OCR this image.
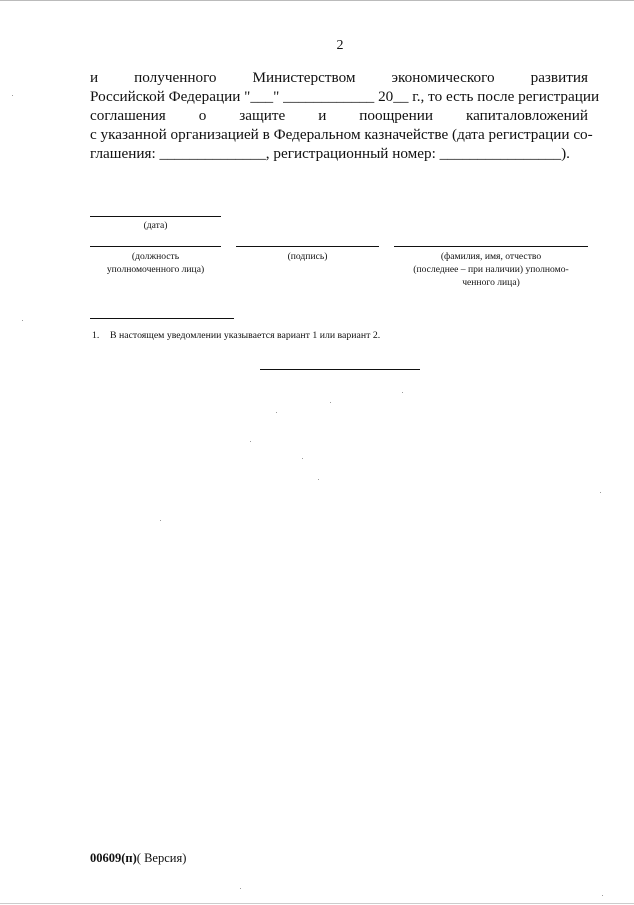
2
и полученного Министерством экономического развития
Российской Федерации "___" ____________ 20__ г., то есть после регистрации
соглашения о защите и поощрении капиталовложений
с указанной организацией в Федеральном казначействе (дата регистрации со-
глашения: ______________, регистрационный номер: ________________).
(дата)
(должность
уполномоченного лица)
(подпись)	(фамилия, имя, отчество
(последнее – при наличии) уполномо-
ченного лица)
1. В настоящем уведомлении указывается вариант 1 или вариант 2.
00609(п)( Версия)
